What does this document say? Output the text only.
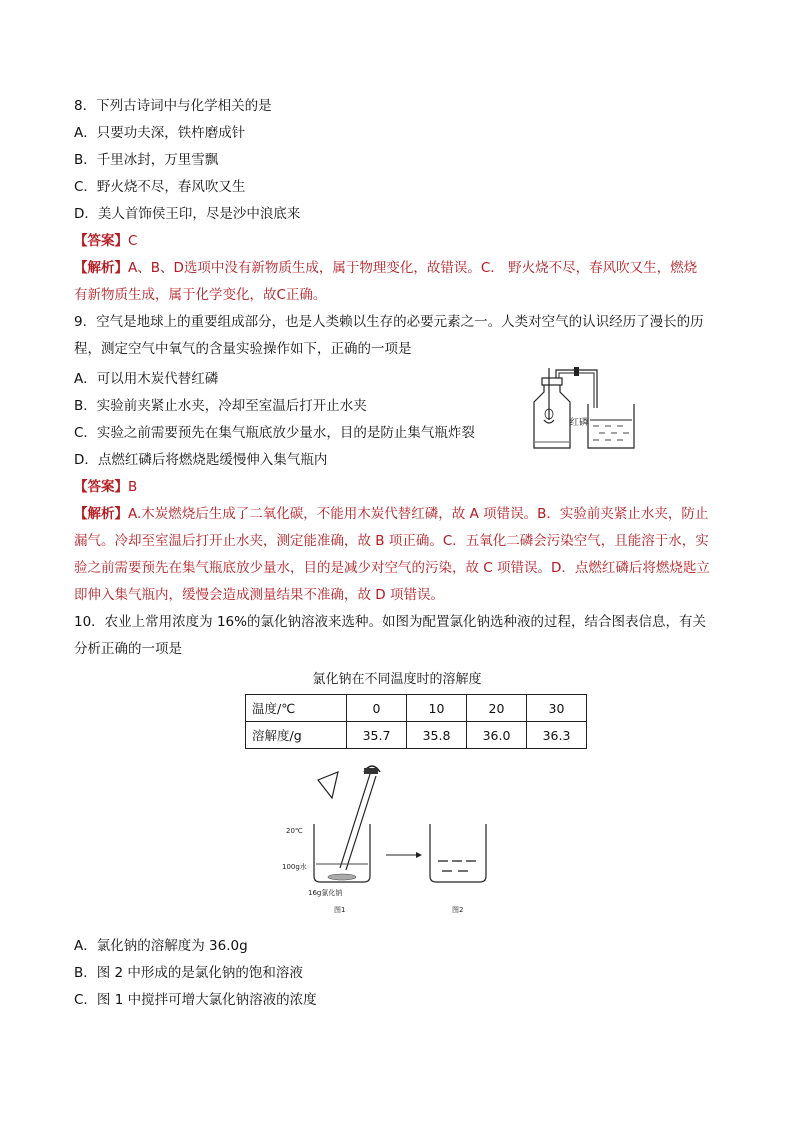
8．下列古诗词中与化学相关的是
A．只要功夫深，铁杵磨成针
B．千里冰封，万里雪飘
C．野火烧不尽，春风吹又生
D．美人首饰侯王印，尽是沙中浪底来
【答案】C
【解析】A、B、D选项中没有新物质生成，属于物理变化，故错误。C． 野火烧不尽，春风吹又生，燃烧
有新物质生成，属于化学变化，故C正确。
9．空气是地球上的重要组成部分，也是人类赖以生存的必要元素之一。人类对空气的认识经历了漫长的历
程，测定空气中氧气的含量实验操作如下，正确的一项是
A．可以用木炭代替红磷
B．实验前夹紧止水夹，冷却至室温后打开止水夹
C．实验之前需要预先在集气瓶底放少量水，目的是防止集气瓶炸裂
D．点燃红磷后将燃烧匙缓慢伸入集气瓶内
红磷
【答案】B
【解析】A.木炭燃烧后生成了二氧化碳，不能用木炭代替红磷，故 A 项错误。B．实验前夹紧止水夹，防止
漏气。冷却至室温后打开止水夹，测定能准确，故 B 项正确。C．五氧化二磷会污染空气，且能溶于水，实
验之前需要预先在集气瓶底放少量水，目的是减少对空气的污染，故 C 项错误。D．点燃红磷后将燃烧匙立
即伸入集气瓶内，缓慢会造成测量结果不准确，故 D 项错误。
10．农业上常用浓度为 16%的氯化钠溶液来选种。如图为配置氯化钠选种液的过程，结合图表信息，有关
分析正确的一项是
氯化钠在不同温度时的溶解度
温度/℃	0	10	20	30
溶解度/g	35.7	35.8	36.0	36.3
20℃
100g水
16g氯化钠
图1	图2
A．氯化钠的溶解度为 36.0g
B．图 2 中形成的是氯化钠的饱和溶液
C．图 1 中搅拌可增大氯化钠溶液的浓度
